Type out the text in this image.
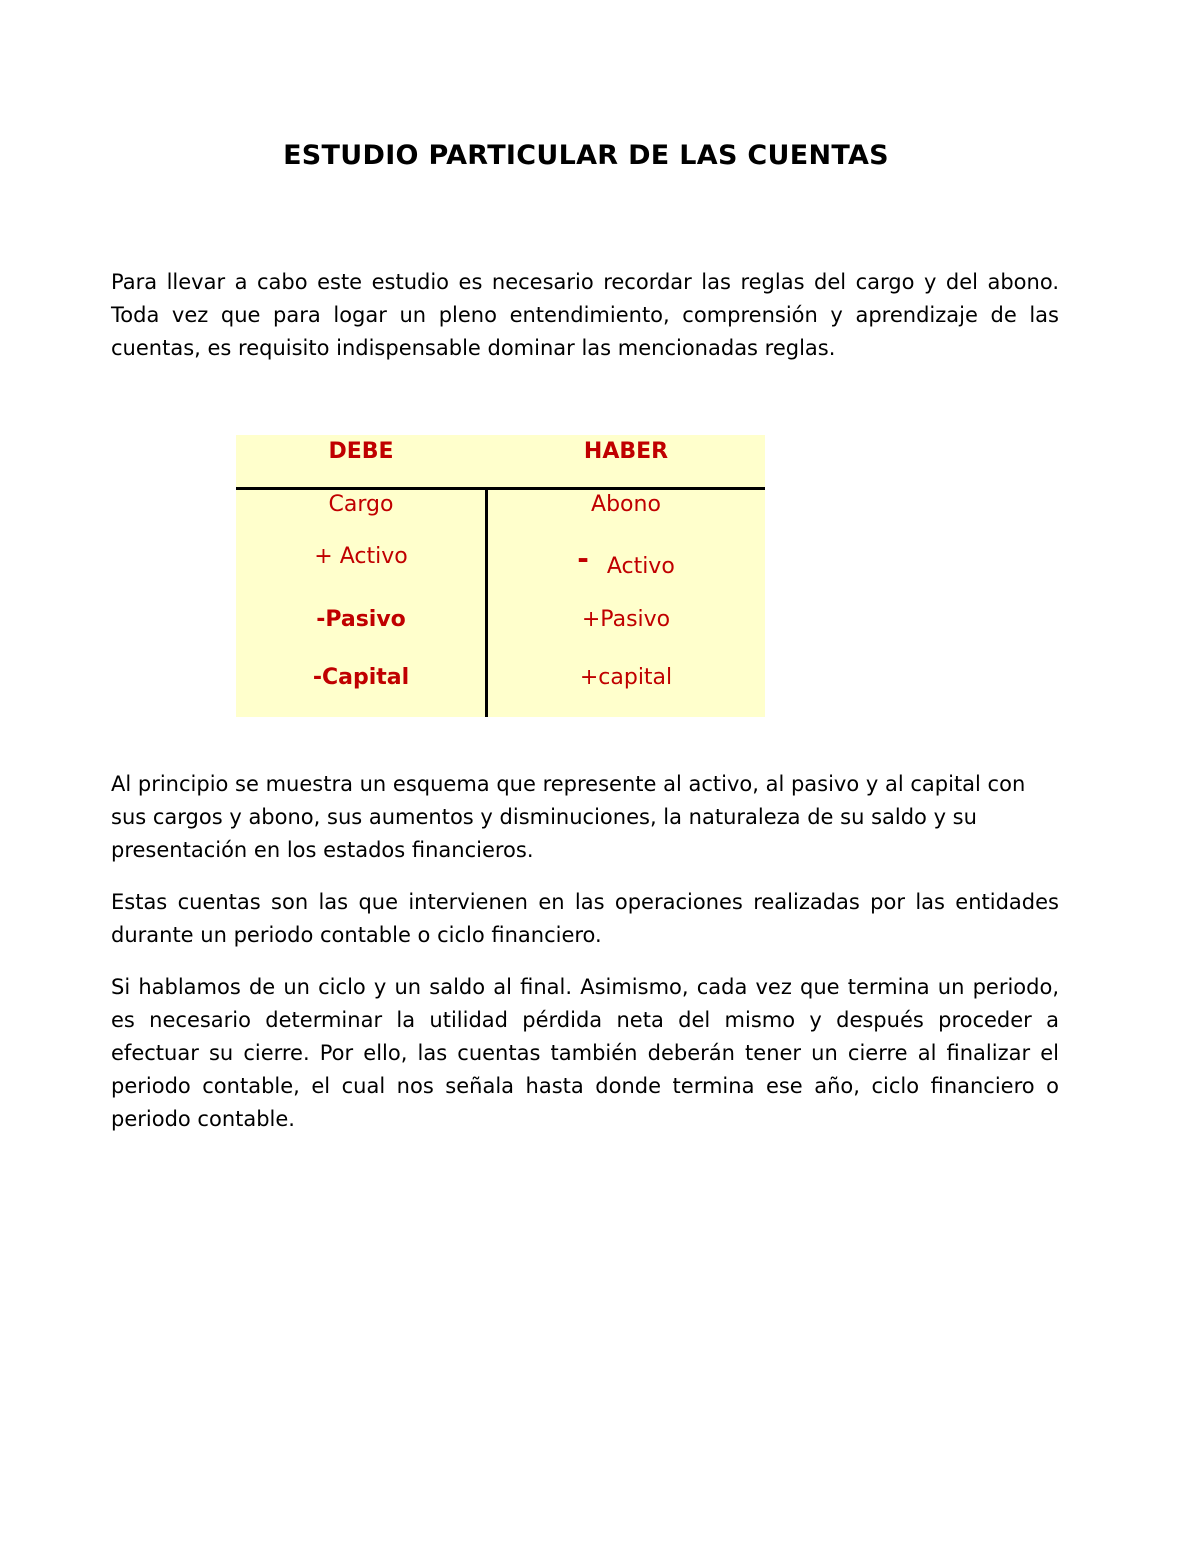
ESTUDIO PARTICULAR DE LAS CUENTAS

Para llevar a cabo este estudio es necesario recordar las reglas del cargo y del abono. Toda vez que para logar un pleno entendimiento, comprensión y aprendizaje de las cuentas, es requisito indispensable dominar las mencionadas reglas.

DEBE	HABER
Cargo
+ Activo
-Pasivo
-Capital
Abono
- Activo
+Pasivo
+capital

Al principio se muestra un esquema que represente al activo, al pasivo y al capital con sus cargos y abono, sus aumentos y disminuciones, la naturaleza de su saldo y su presentación en los estados financieros.

Estas cuentas son las que intervienen en las operaciones realizadas por las entidades durante un periodo contable o ciclo financiero.

Si hablamos de un ciclo y un saldo al final. Asimismo, cada vez que termina un periodo, es necesario determinar la utilidad pérdida neta del mismo y después proceder a efectuar su cierre. Por ello, las cuentas también deberán tener un cierre al finalizar el periodo contable, el cual nos señala hasta donde termina ese año, ciclo financiero o periodo contable.
